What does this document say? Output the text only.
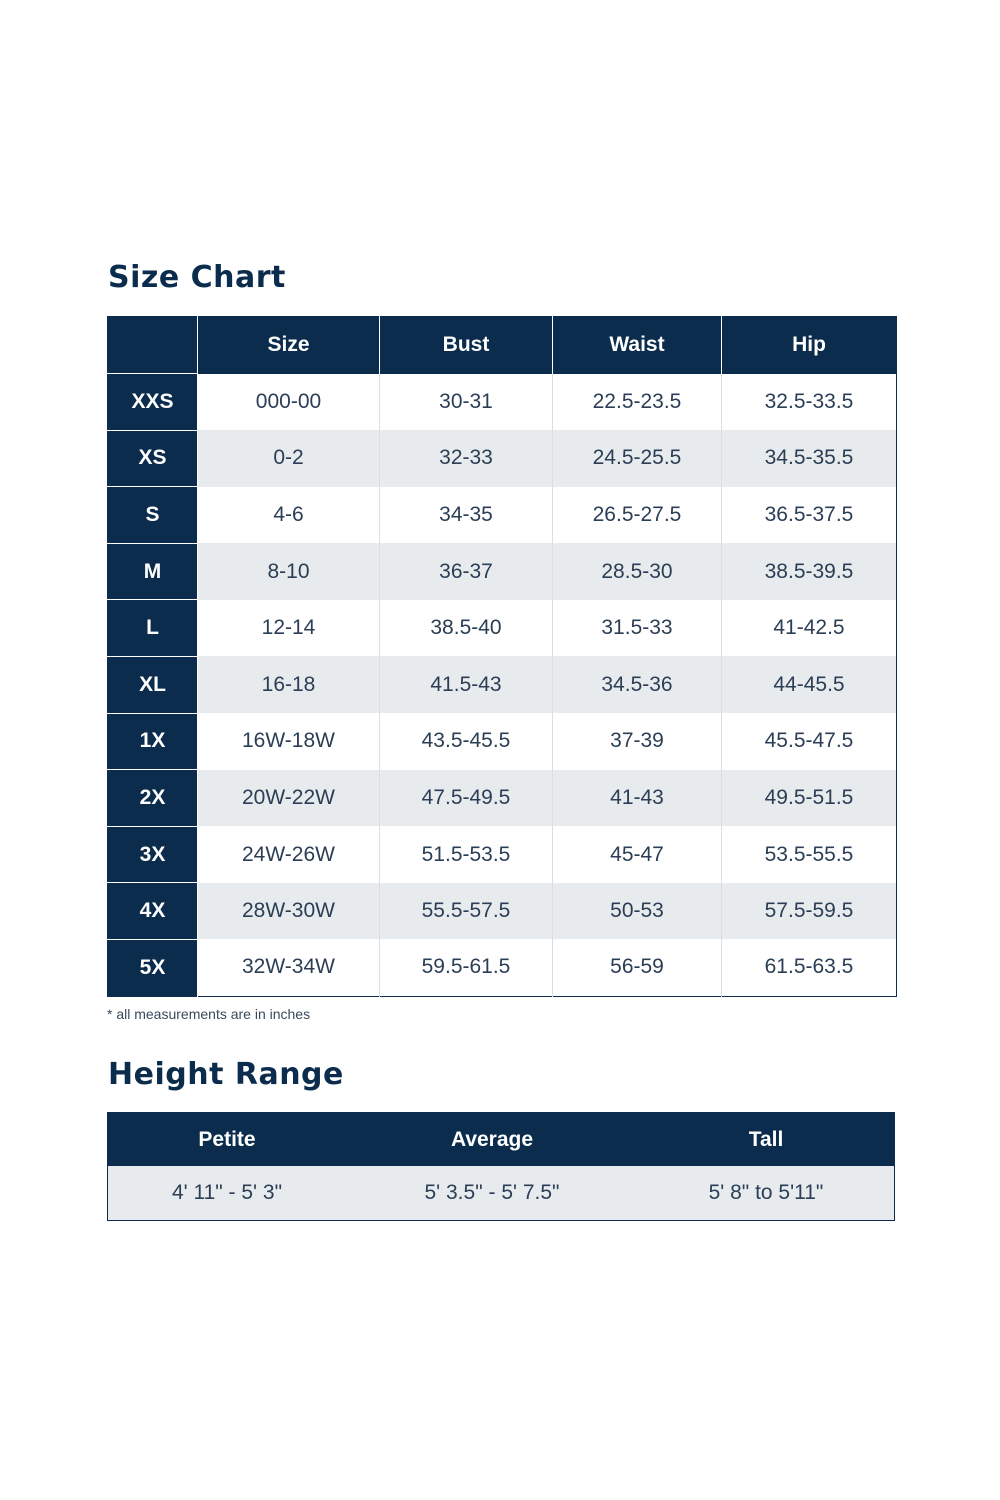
Size Chart
	Size	Bust	Waist	Hip
XXS	000-00	30-31	22.5-23.5	32.5-33.5
XS	0-2	32-33	24.5-25.5	34.5-35.5
S	4-6	34-35	26.5-27.5	36.5-37.5
M	8-10	36-37	28.5-30	38.5-39.5
L	12-14	38.5-40	31.5-33	41-42.5
XL	16-18	41.5-43	34.5-36	44-45.5
1X	16W-18W	43.5-45.5	37-39	45.5-47.5
2X	20W-22W	47.5-49.5	41-43	49.5-51.5
3X	24W-26W	51.5-53.5	45-47	53.5-55.5
4X	28W-30W	55.5-57.5	50-53	57.5-59.5
5X	32W-34W	59.5-61.5	56-59	61.5-63.5

* all measurements are in inches

Height Range
Petite	Average	Tall
4' 11" - 5' 3"	5' 3.5" - 5' 7.5"	5' 8" to 5'11"
